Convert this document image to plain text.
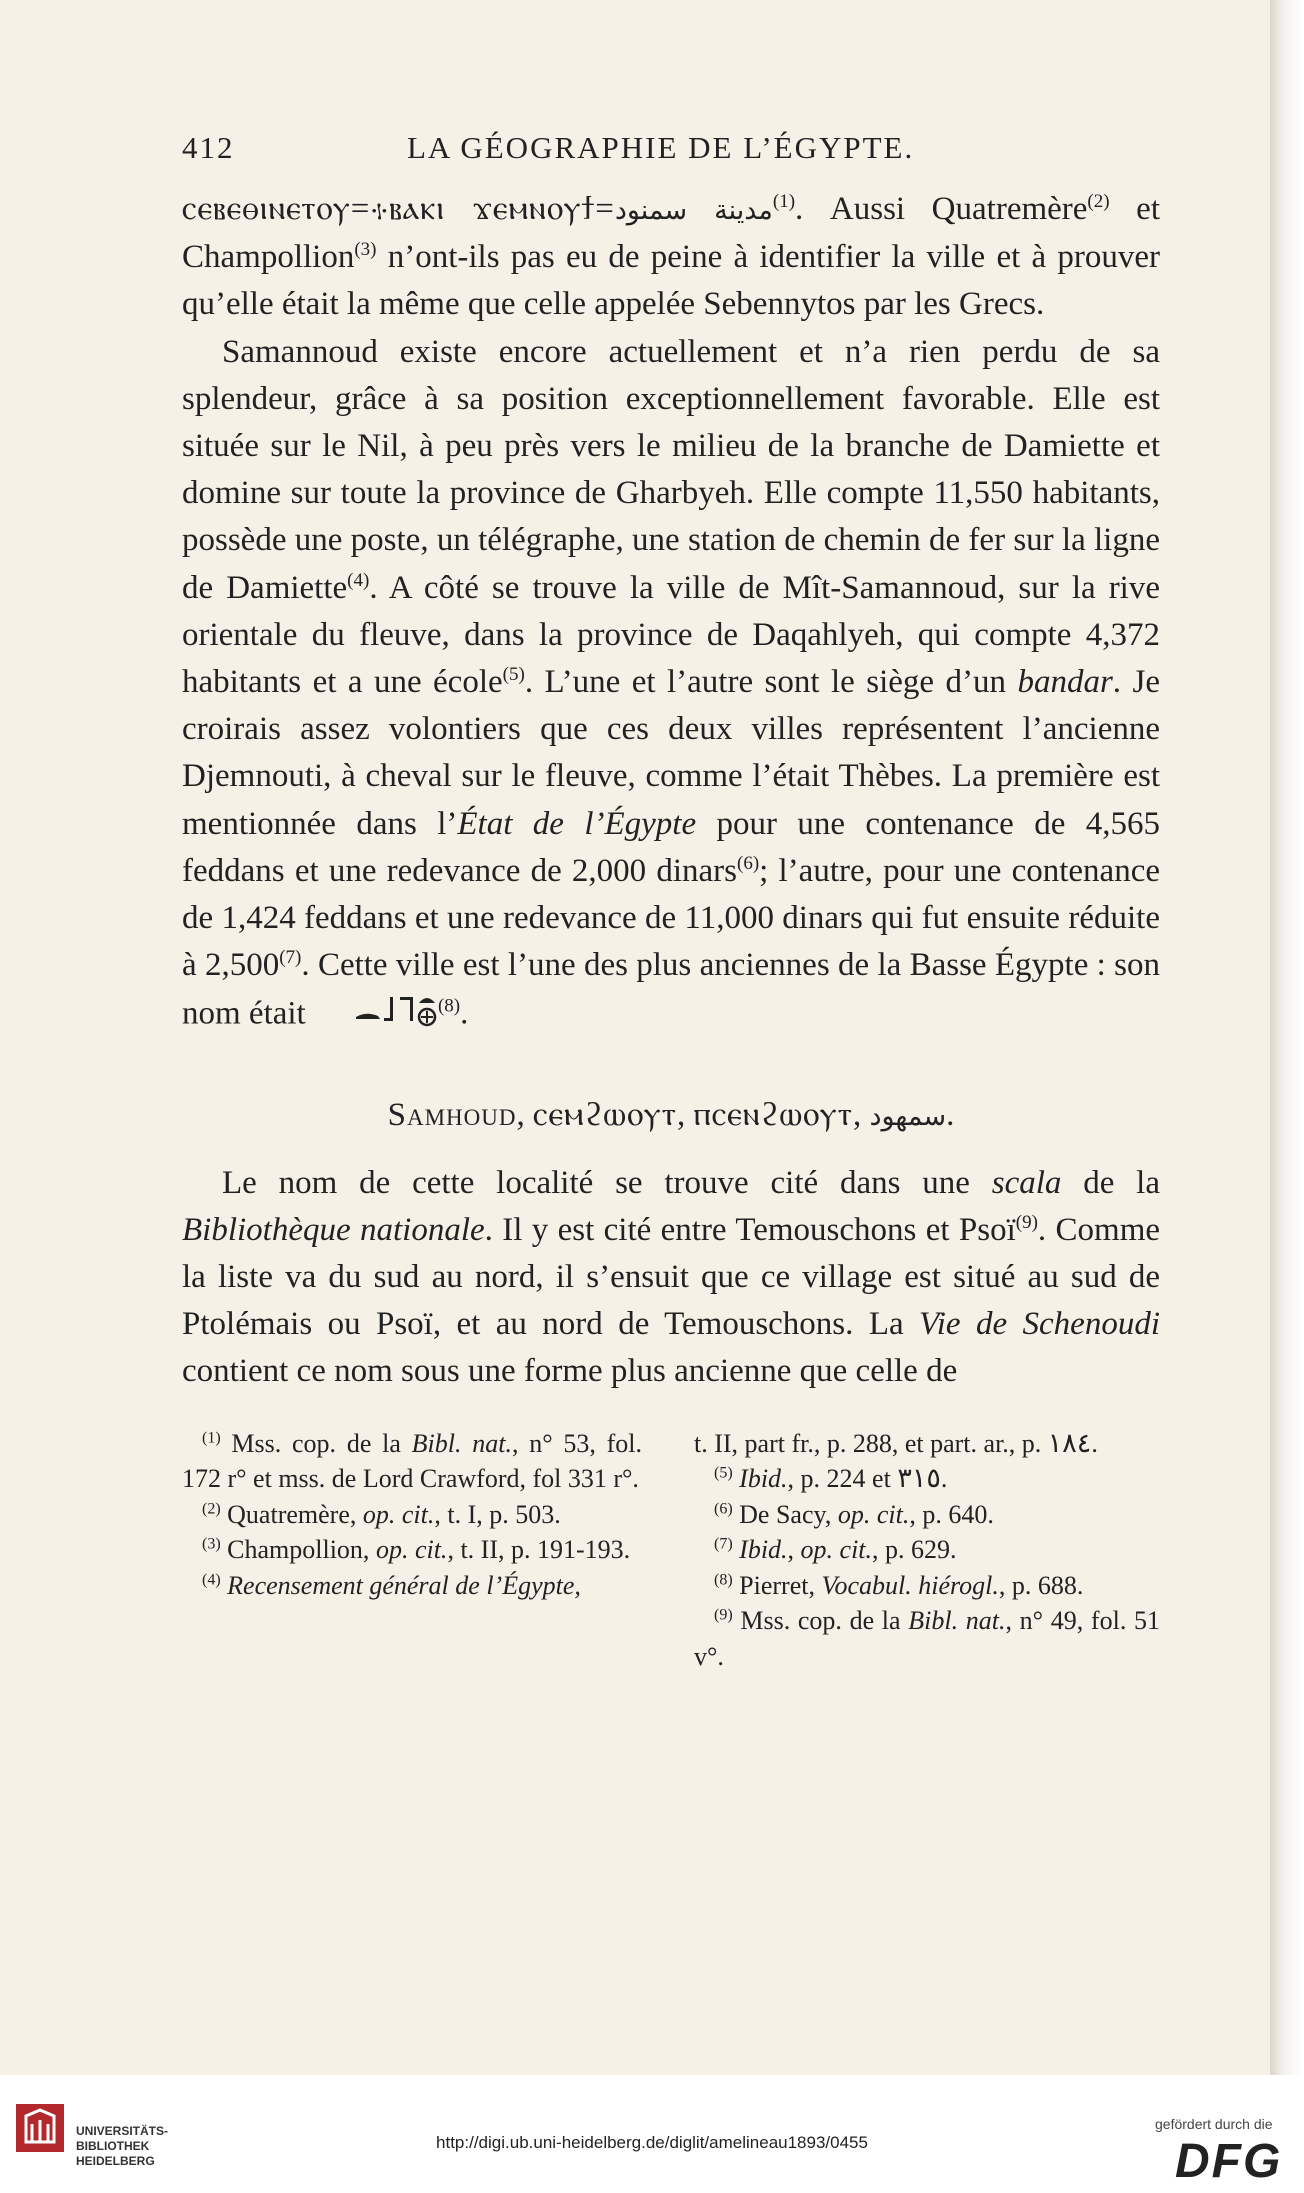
412	LA GÉOGRAPHIE DE L’ÉGYPTE.

ⲥⲉⲃⲉⲑⲓⲛⲉⲧⲟⲩ=⳾ⲃⲁⲕⲓ ϫⲉⲙⲛⲟⲩϯ=مدينة سمنود$^{(1)}$. Aussi Quatremère$^{(2)}$ et Champollion$^{(3)}$ n’ont-ils pas eu de peine à identifier la ville et à prouver qu’elle était la même que celle appelée Sebennytos par les Grecs.

Samannoud existe encore actuellement et n’a rien perdu de sa splendeur, grâce à sa position exceptionnellement favorable. Elle est située sur le Nil, à peu près vers le milieu de la branche de Damiette et domine sur toute la province de Gharbyeh. Elle compte 11,550 habitants, possède une poste, un télégraphe, une station de chemin de fer sur la ligne de Damiette$^{(4)}$. A côté se trouve la ville de Mît-Samannoud, sur la rive orientale du fleuve, dans la province de Daqahlyeh, qui compte 4,372 habitants et a une école$^{(5)}$. L’une et l’autre sont le siège d’un bandar. Je croirais assez volontiers que ces deux villes représentent l’ancienne Djemnouti, à cheval sur le fleuve, comme l’était Thèbes. La première est mentionnée dans l’État de l’Égypte pour une contenance de 4,565 feddans et une redevance de 2,000 dinars$^{(6)}$; l’autre, pour une contenance de 1,424 feddans et une redevance de 11,000 dinars qui fut ensuite réduite à 2,500$^{(7)}$. Cette ville est l’une des plus anciennes de la Basse Égypte : son nom était	$^{(8)}$.

Samhoud, ⲥⲉⲙϩⲱⲟⲩⲧ, ⲡⲥⲉⲛϩⲱⲟⲩⲧ, سمهود.

Le nom de cette localité se trouve cité dans une scala de la Bibliothèque nationale. Il y est cité entre Temouschons et Psoï$^{(9)}$. Comme la liste va du sud au nord, il s’ensuit que ce village est situé au sud de Ptolémais ou Psoï, et au nord de Temouschons. La Vie de Schenoudi contient ce nom sous une forme plus ancienne que celle de

$^{(1)}$ Mss. cop. de la Bibl. nat., n° 53, fol. 172 r° et mss. de Lord Crawford, fol 331 r°.

$^{(2)}$ Quatremère, op. cit., t. I, p. 503.

$^{(3)}$ Champollion, op. cit., t. II, p. 191-193.

$^{(4)}$ Recensement général de l’Égypte,

t. II, part fr., p. 288, et part. ar., p. ١٨٤.

$^{(5)}$ Ibid., p. 224 et ٣١٥.

$^{(6)}$ De Sacy, op. cit., p. 640.

$^{(7)}$ Ibid., op. cit., p. 629.

$^{(8)}$ Pierret, Vocabul. hiérogl., p. 688.

$^{(9)}$ Mss. cop. de la Bibl. nat., n° 49, fol. 51 v°.

UNIVERSITÄTS-
BIBLIOTHEK
HEIDELBERG
http://digi.ub.uni-heidelberg.de/diglit/amelineau1893/0455
gefördert durch die
DFG
